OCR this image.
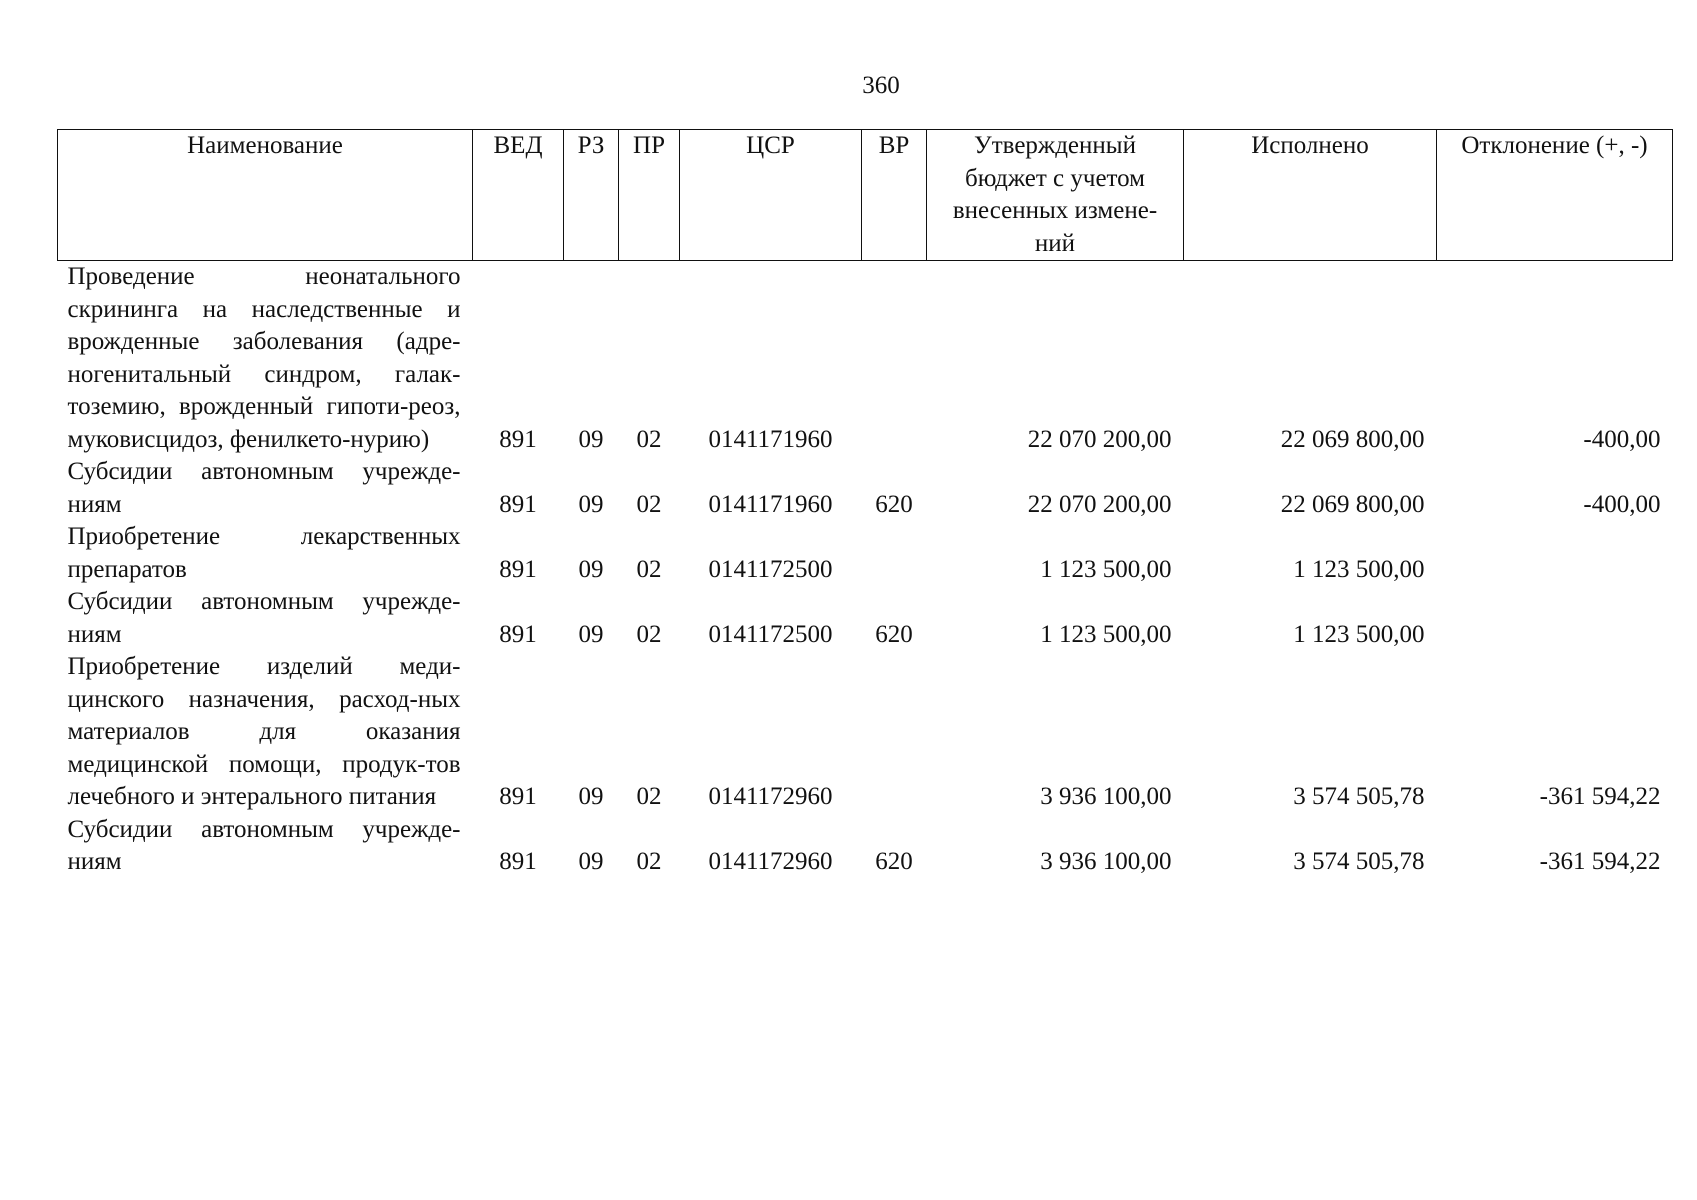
360
Наименование	ВЕД	РЗ	ПР	ЦСР	ВР	Утвержденный бюджет с учетом внесенных измене-ний	Исполнено	Отклонение (+, -)
Проведение неонатального скрининга на наследственные и врожденные заболевания (адре-ногенитальный синдром, галак-тоземию, врожденный гипоти-реоз, муковисцидоз, фенилкето-нурию)	891	09	02	0141171960		22 070 200,00	22 069 800,00	-400,00
Субсидии автономным учрежде-ниям	891	09	02	0141171960	620	22 070 200,00	22 069 800,00	-400,00
Приобретение лекарственных препаратов	891	09	02	0141172500		1 123 500,00	1 123 500,00	
Субсидии автономным учрежде-ниям	891	09	02	0141172500	620	1 123 500,00	1 123 500,00	
Приобретение изделий меди-цинского назначения, расход-ных материалов для оказания медицинской помощи, продук-тов лечебного и энтерального питания	891	09	02	0141172960		3 936 100,00	3 574 505,78	-361 594,22
Субсидии автономным учрежде-ниям	891	09	02	0141172960	620	3 936 100,00	3 574 505,78	-361 594,22
